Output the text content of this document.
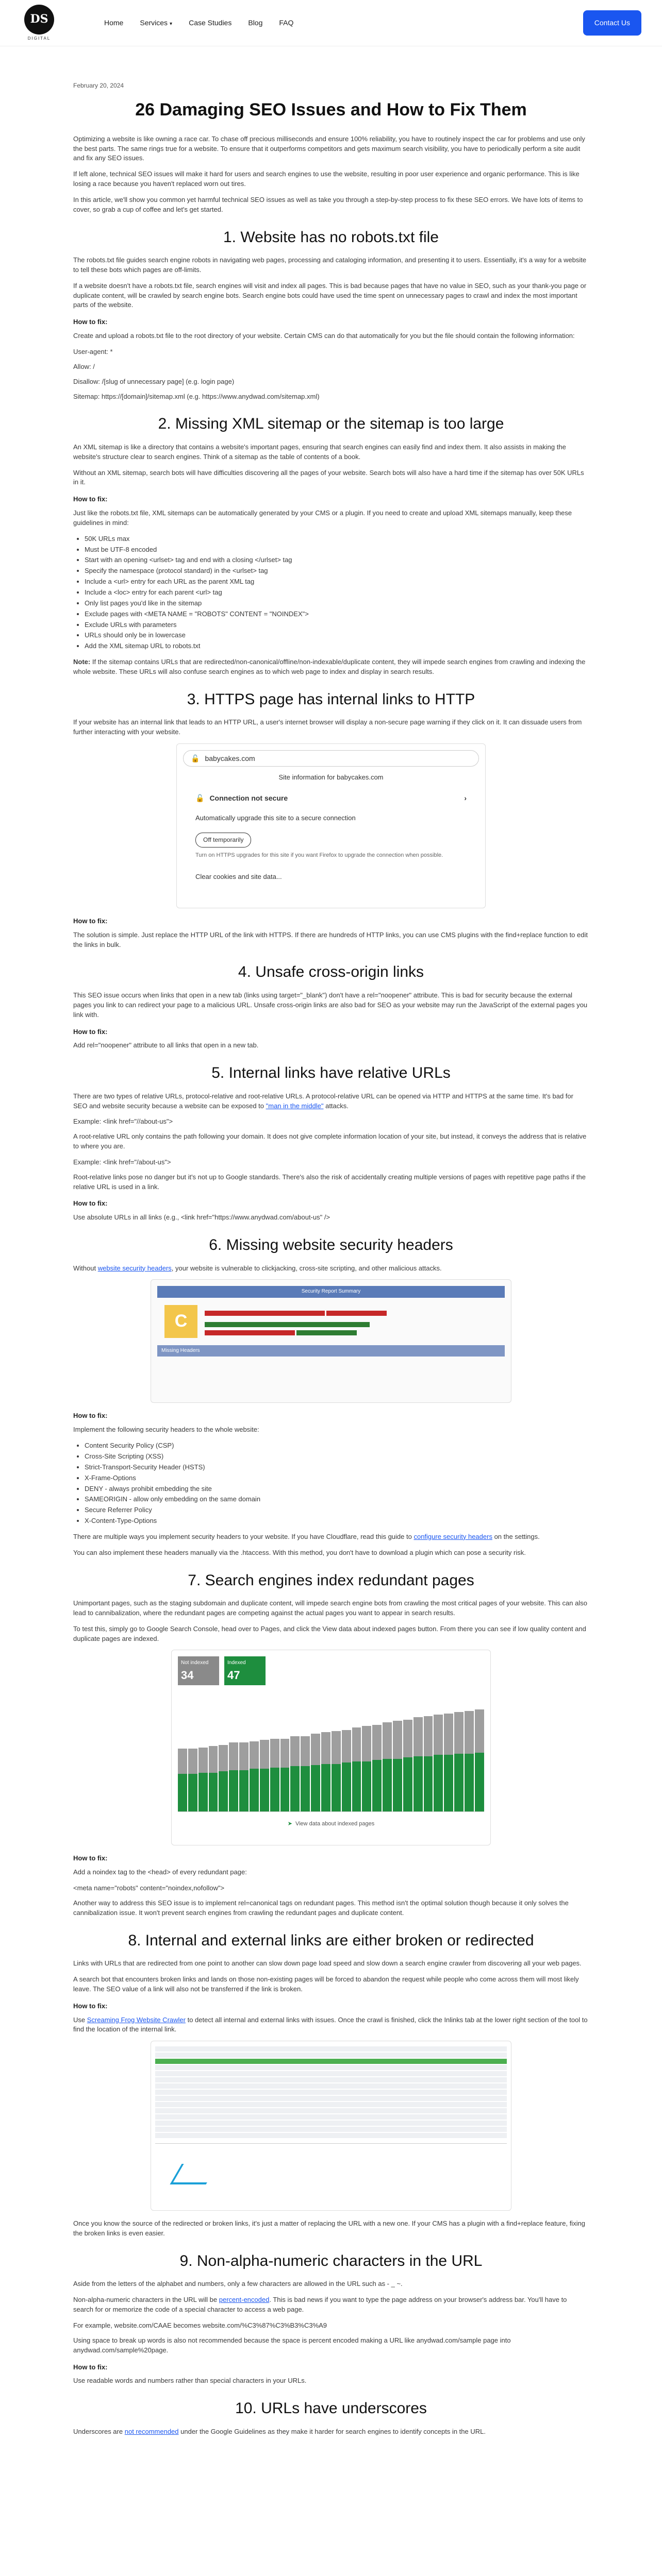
DS
DIGITAL
Home Services ▾ Case Studies Blog FAQ	Contact Us
February 20, 2024
26 Damaging SEO Issues and How to Fix Them

Optimizing a website is like owning a race car. To chase off precious milliseconds and ensure 100% reliability, you have to routinely inspect the car for problems and use only the best parts. The same rings true for a website. To ensure that it outperforms competitors and gets maximum search visibility, you have to periodically perform a site audit and fix any SEO issues.

If left alone, technical SEO issues will make it hard for users and search engines to use the website, resulting in poor user experience and organic performance. This is like losing a race because you haven't replaced worn out tires.

In this article, we'll show you common yet harmful technical SEO issues as well as take you through a step-by-step process to fix these SEO errors. We have lots of items to cover, so grab a cup of coffee and let's get started.

1. Website has no robots.txt file

The robots.txt file guides search engine robots in navigating web pages, processing and cataloging information, and presenting it to users. Essentially, it's a way for a website to tell these bots which pages are off-limits.

If a website doesn't have a robots.txt file, search engines will visit and index all pages. This is bad because pages that have no value in SEO, such as your thank-you page or duplicate content, will be crawled by search engine bots. Search engine bots could have used the time spent on unnecessary pages to crawl and index the most important parts of the website.

How to fix:

Create and upload a robots.txt file to the root directory of your website. Certain CMS can do that automatically for you but the file should contain the following information:

User-agent: *
Allow: /
Disallow: /[slug of unnecessary page] (e.g. login page)
Sitemap: https://[domain]/sitemap.xml (e.g. https://www.anydwad.com/sitemap.xml)
2. Missing XML sitemap or the sitemap is too large

An XML sitemap is like a directory that contains a website's important pages, ensuring that search engines can easily find and index them. It also assists in making the website's structure clear to search engines. Think of a sitemap as the table of contents of a book.

Without an XML sitemap, search bots will have difficulties discovering all the pages of your website. Search bots will also have a hard time if the sitemap has over 50K URLs in it.

How to fix:

Just like the robots.txt file, XML sitemaps can be automatically generated by your CMS or a plugin. If you need to create and upload XML sitemaps manually, keep these guidelines in mind:

• 50K URLs max
• Must be UTF-8 encoded
• Start with an opening <urlset> tag and end with a closing </urlset> tag
• Specify the namespace (protocol standard) in the <urlset> tag
• Include a <url> entry for each URL as the parent XML tag
• Include a <loc> entry for each parent <url> tag
• Only list pages you'd like in the sitemap
• Exclude pages with <META NAME = "ROBOTS" CONTENT = "NOINDEX">
• Exclude URLs with parameters
• URLs should only be in lowercase
• Add the XML sitemap URL to robots.txt

Note: If the sitemap contains URLs that are redirected/non-canonical/offline/non-indexable/duplicate content, they will impede search engines from crawling and indexing the whole website. These URLs will also confuse search engines as to which web page to index and display in search results.

3. HTTPS page has internal links to HTTP

If your website has an internal link that leads to an HTTP URL, a user's internet browser will display a non-secure page warning if they click on it. It can dissuade users from further interacting with your website.

🔓 babycakes.com
Site information for babycakes.com
🔓 Connection not secure	›
Automatically upgrade this site to a secure connection
Off temporarily
Turn on HTTPS upgrades for this site if you want Firefox to upgrade the connection when possible.
Clear cookies and site data...
How to fix:

The solution is simple. Just replace the HTTP URL of the link with HTTPS. If there are hundreds of HTTP links, you can use CMS plugins with the find+replace function to edit the links in bulk.

4. Unsafe cross-origin links

This SEO issue occurs when links that open in a new tab (links using target="_blank") don't have a rel="noopener" attribute. This is bad for security because the external pages you link to can redirect your page to a malicious URL. Unsafe cross-origin links are also bad for SEO as your website may run the JavaScript of the external pages you link with.

How to fix:

Add rel="noopener" attribute to all links that open in a new tab.

5. Internal links have relative URLs

There are two types of relative URLs, protocol-relative and root-relative URLs. A protocol-relative URL can be opened via HTTP and HTTPS at the same time. It's bad for SEO and website security because a website can be exposed to "man in the middle" attacks.

Example: <link href="//about-us">

A root-relative URL only contains the path following your domain. It does not give complete information location of your site, but instead, it conveys the address that is relative to where you are.

Example: <link href="/about-us">

Root-relative links pose no danger but it's not up to Google standards. There's also the risk of accidentally creating multiple versions of pages with repetitive page paths if the relative URL is used in a link.

How to fix:

Use absolute URLs in all links (e.g., <link href="https://www.anydwad.com/about-us" />

6. Missing website security headers

Without website security headers, your website is vulnerable to clickjacking, cross-site scripting, and other malicious attacks.

Security Report Summary
C

Missing Headers
How to fix:

Implement the following security headers to the whole website:

• Content Security Policy (CSP)
• Cross-Site Scripting (XSS)
• Strict-Transport-Security Header (HSTS)
• X-Frame-Options
• DENY - always prohibit embedding the site
• SAMEORIGIN - allow only embedding on the same domain
• Secure Referrer Policy
• X-Content-Type-Options

There are multiple ways you implement security headers to your website. If you have Cloudflare, read this guide to configure security headers on the settings.

You can also implement these headers manually via the .htaccess. With this method, you don't have to download a plugin which can pose a security risk.

7. Search engines index redundant pages

Unimportant pages, such as the staging subdomain and duplicate content, will impede search engine bots from crawling the most critical pages of your website. This can also lead to cannibalization, where the redundant pages are competing against the actual pages you want to appear in search results.

To test this, simply go to Google Search Console, head over to Pages, and click the View data about indexed pages button. From there you can see if low quality content and duplicate pages are indexed.

Not indexed
34
Indexed
47
➤ View data about indexed pages
How to fix:

Add a noindex tag to the <head> of every redundant page:

<meta name="robots" content="noindex,nofollow">

Another way to address this SEO issue is to implement rel=canonical tags on redundant pages. This method isn't the optimal solution though because it only solves the cannibalization issue. It won't prevent search engines from crawling the redundant pages and duplicate content.

8. Internal and external links are either broken or redirected

Links with URLs that are redirected from one point to another can slow down page load speed and slow down a search engine crawler from discovering all your web pages.

A search bot that encounters broken links and lands on those non-existing pages will be forced to abandon the request while people who come across them will most likely leave. The SEO value of a link will also not be transferred if the link is broken.

How to fix:

Use Screaming Frog Website Crawler to detect all internal and external links with issues. Once the crawl is finished, click the Inlinks tab at the lower right section of the tool to find the location of the internal link.

Once you know the source of the redirected or broken links, it's just a matter of replacing the URL with a new one. If your CMS has a plugin with a find+replace feature, fixing the broken links is even easier.

9. Non-alpha-numeric characters in the URL

Aside from the letters of the alphabet and numbers, only a few characters are allowed in the URL such as - _ ~.

Non-alpha-numeric characters in the URL will be percent-encoded. This is bad news if you want to type the page address on your browser's address bar. You'll have to search for or memorize the code of a special character to access a web page.

For example, website.com/CAAE becomes website.com/%C3%87%C3%B3%C3%A9

Using space to break up words is also not recommended because the space is percent encoded making a URL like anydwad.com/sample page into anydwad.com/sample%20page.

How to fix:

Use readable words and numbers rather than special characters in your URLs.

10. URLs have underscores

Underscores are not recommended under the Google Guidelines as they make it harder for search engines to identify concepts in the URL.
